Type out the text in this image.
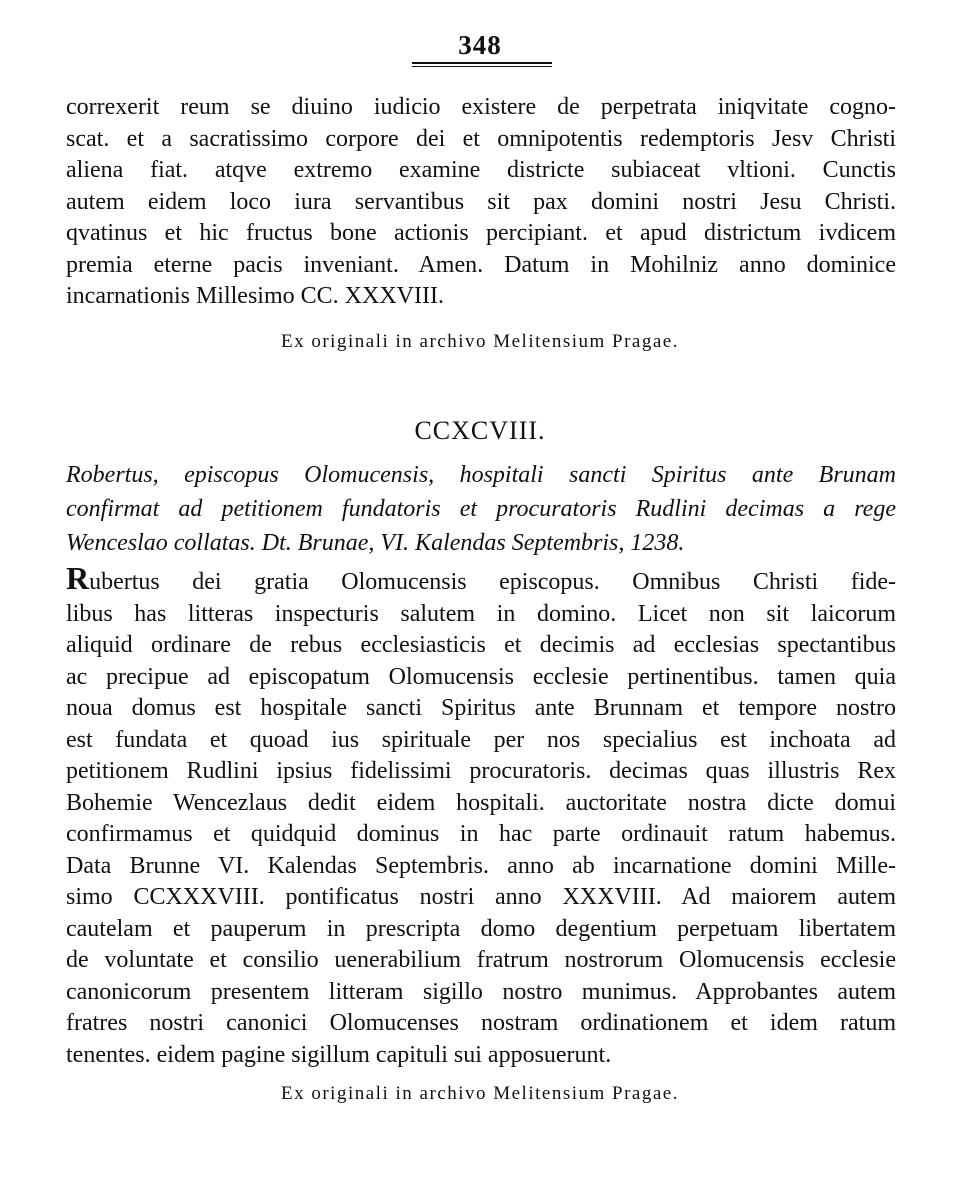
348
correxerit reum se diuino iudicio existere de perpetrata iniqvitate cogno-
scat. et a sacratissimo corpore dei et omnipotentis redemptoris Jesv Christi
aliena fiat. atqve extremo examine districte subiaceat vltioni. Cunctis
autem eidem loco iura servantibus sit pax domini nostri Jesu Christi.
qvatinus et hic fructus bone actionis percipiant. et apud districtum ivdicem
premia eterne pacis inveniant. Amen. Datum in Mohilniz anno dominice
incarnationis Millesimo CC. XXXVIII.
Ex originali in archivo Melitensium Pragae.
CCXCVIII.
Robertus, episcopus Olomucensis, hospitali sancti Spiritus ante Brunam
confirmat ad petitionem fundatoris et procuratoris Rudlini decimas a rege
Wenceslao collatas. Dt. Brunae, VI. Kalendas Septembris, 1238.
Rubertus dei gratia Olomucensis episcopus. Omnibus Christi fide-
libus has litteras inspecturis salutem in domino. Licet non sit laicorum
aliquid ordinare de rebus ecclesiasticis et decimis ad ecclesias spectantibus
ac precipue ad episcopatum Olomucensis ecclesie pertinentibus. tamen quia
noua domus est hospitale sancti Spiritus ante Brunnam et tempore nostro
est fundata et quoad ius spirituale per nos specialius est inchoata ad
petitionem Rudlini ipsius fidelissimi procuratoris. decimas quas illustris Rex
Bohemie Wencezlaus dedit eidem hospitali. auctoritate nostra dicte domui
confirmamus et quidquid dominus in hac parte ordinauit ratum habemus.
Data Brunne VI. Kalendas Septembris. anno ab incarnatione domini Mille-
simo CCXXXVIII. pontificatus nostri anno XXXVIII. Ad maiorem autem
cautelam et pauperum in prescripta domo degentium perpetuam libertatem
de voluntate et consilio uenerabilium fratrum nostrorum Olomucensis ecclesie
canonicorum presentem litteram sigillo nostro munimus. Approbantes autem
fratres nostri canonici Olomucenses nostram ordinationem et idem ratum
tenentes. eidem pagine sigillum capituli sui apposuerunt.
Ex originali in archivo Melitensium Pragae.
